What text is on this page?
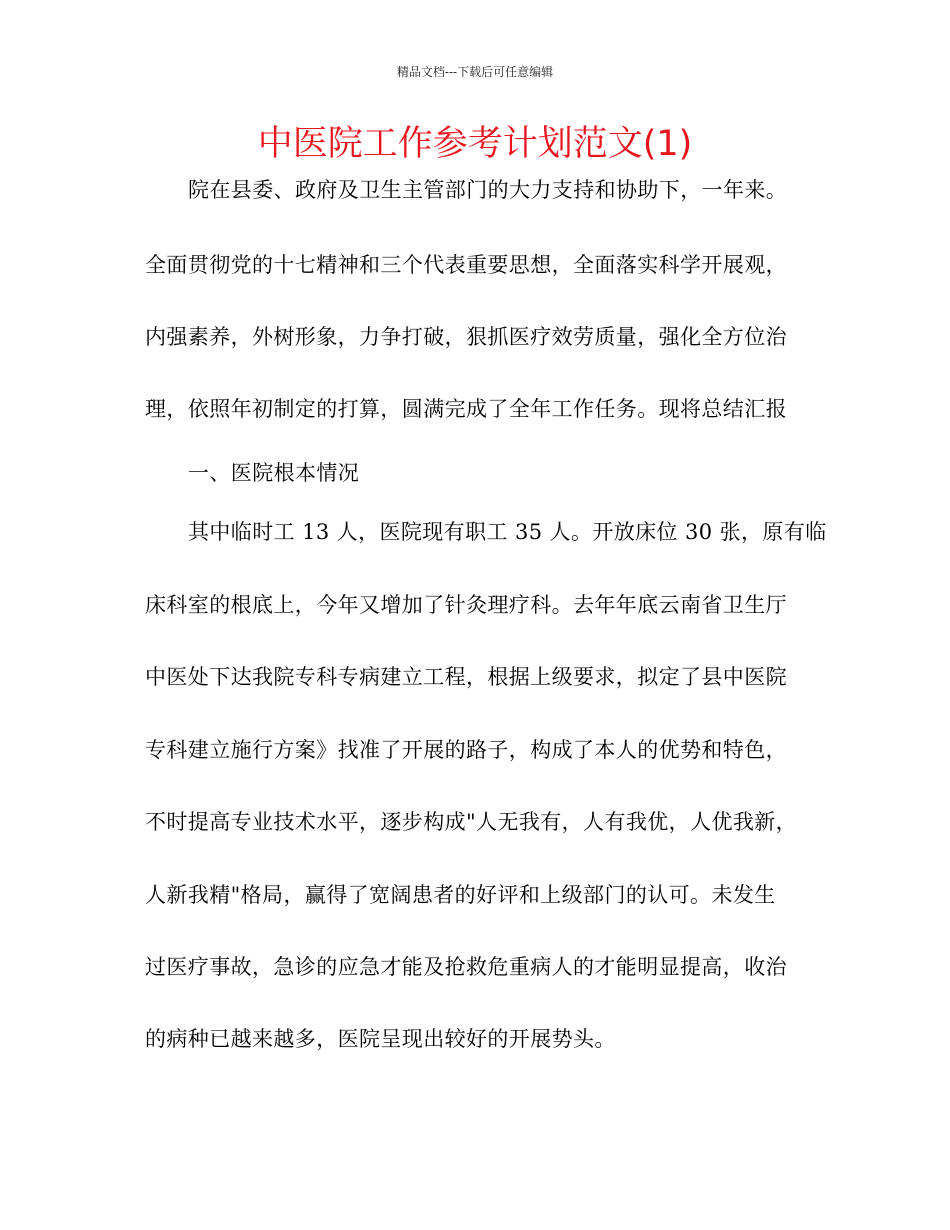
精品文档---下载后可任意编辑
中医院工作参考计划范文(1)
院在县委、政府及卫生主管部门的大力支持和协助下，一年来。
全面贯彻党的十七精神和三个代表重要思想，全面落实科学开展观，
内强素养，外树形象，力争打破，狠抓医疗效劳质量，强化全方位治
理，依照年初制定的打算，圆满完成了全年工作任务。现将总结汇报
一、医院根本情况
其中临时工 13 人，医院现有职工 35 人。开放床位 30 张，原有临
床科室的根底上，今年又增加了针灸理疗科。去年年底云南省卫生厅
中医处下达我院专科专病建立工程，根据上级要求，拟定了县中医院
专科建立施行方案》找准了开展的路子，构成了本人的优势和特色，
不时提高专业技术水平，逐步构成"人无我有，人有我优，人优我新，
人新我精"格局，赢得了宽阔患者的好评和上级部门的认可。未发生
过医疗事故，急诊的应急才能及抢救危重病人的才能明显提高，收治
的病种已越来越多，医院呈现出较好的开展势头。
